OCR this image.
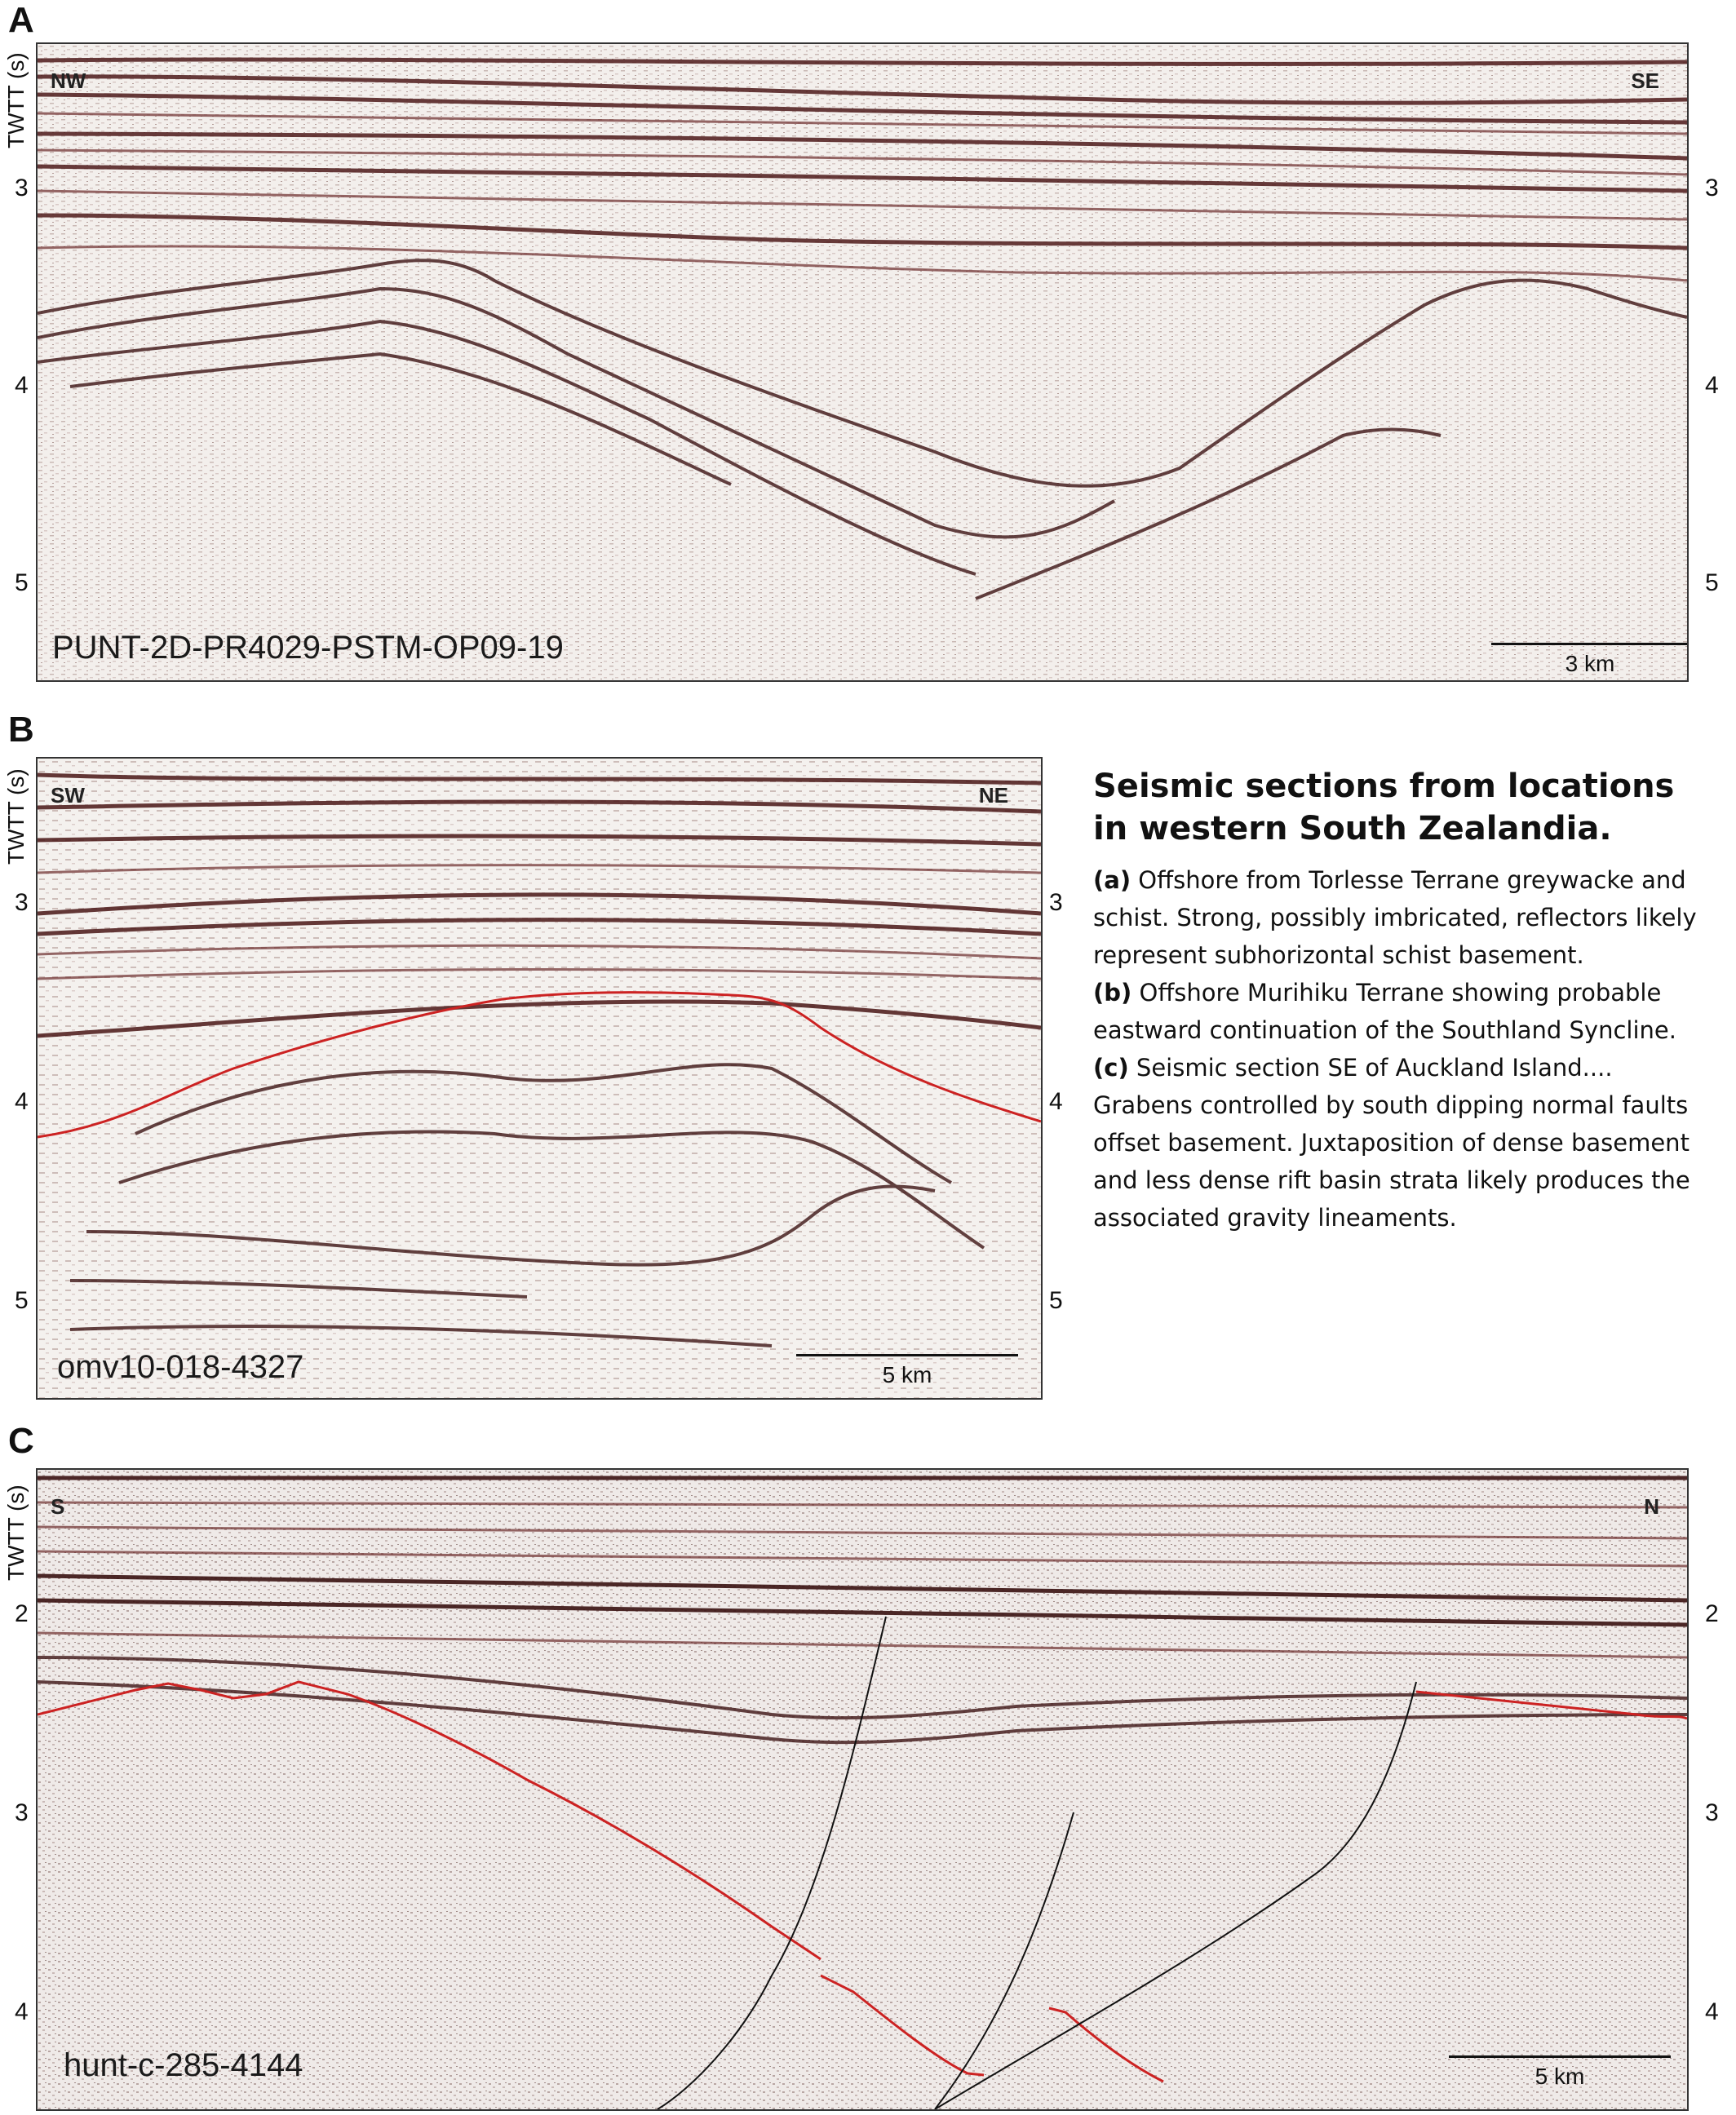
A
TWTT (s) NW	SE
PUNT-2D-PR4029-PSTM-OP09-19	3 km
3
4
5
3
4
5
B
TWTT (s) SW	NE
omv10-018-4327	5 km
3
4
5
3
4
5
Seismic sections from locations in western South Zealandia.

(a) Offshore from Torlesse Terrane greywacke and schist. Strong, possibly imbricated, reflectors likely represent subhorizontal schist basement.

(b) Offshore Murihiku Terrane showing probable eastward continuation of the Southland Syncline.

(c) Seismic section SE of Auckland Island.... Grabens controlled by south dipping normal faults offset basement. Juxtaposition of dense basement and less dense rift basin strata likely produces the associated gravity lineaments.

C
TWTT (s) S	N
hunt-c-285-4144	5 km
2
3
4
2
3
4
